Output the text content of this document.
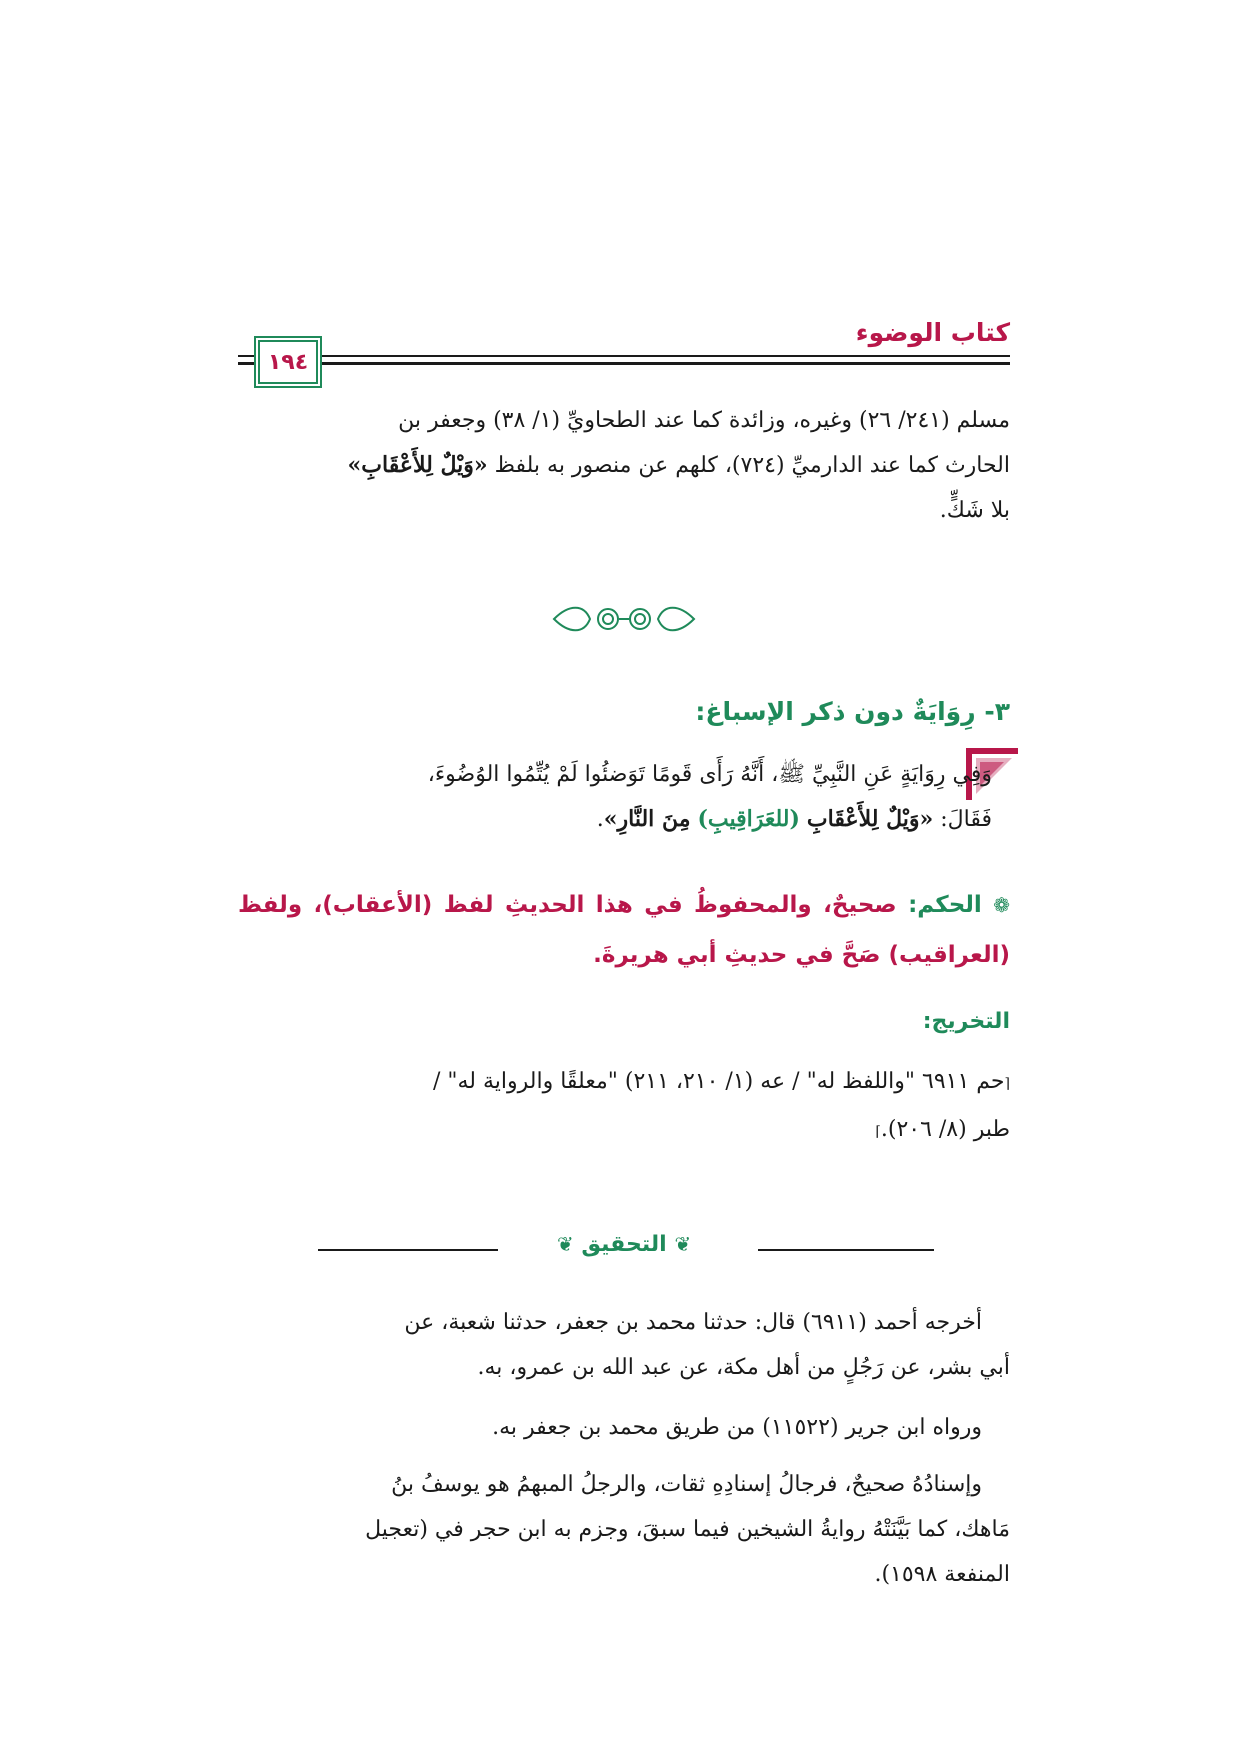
كتاب الوضوء
١٩٤
مسلم (٢٤١/ ٢٦) وغيره، وزائدة كما عند الطحاويِّ (١/ ٣٨) وجعفر بن
الحارث كما عند الدارميِّ (٧٢٤)، كلهم عن منصور به بلفظ «وَيْلٌ لِلأَعْقَابِ»
بلا شَكٍّ.
٣- رِوَايَةٌ دون ذكر الإسباغ:
وَفِي رِوَايَةٍ عَنِ النَّبِيِّ ﷺ، أَنَّهُ رَأَى قَومًا تَوَضئُوا لَمْ يُتِّمُوا الوُضُوءَ،
فَقَالَ: «وَيْلٌ لِلأَعْقَابِ (للعَرَاقِيبِ) مِنَ النَّارِ».
❁ الحكم: صحيحٌ، والمحفوظُ في هذا الحديثِ لفظ (الأعقاب)، ولفظ (العراقيب) صَحَّ في حديثِ أبي هريرةَ.
التخريج:
⌈حم ٦٩١١ "واللفظ له" / عه (١/ ٢١٠، ٢١١) "معلقًا والرواية له" /
طبر (٨/ ٢٠٦).⌉
❦ التحقيق ❦
أخرجه أحمد (٦٩١١) قال: حدثنا محمد بن جعفر، حدثنا شعبة، عن
أبي بشر، عن رَجُلٍ من أهل مكة، عن عبد الله بن عمرو، به.
ورواه ابن جرير (١١٥٢٢) من طريق محمد بن جعفر به.
وإسنادُهُ صحيحٌ، فرجالُ إسنادِهِ ثقات، والرجلُ المبهمُ هو يوسفُ بنُ
مَاهك، كما بَيَّنَتْهُ روايةُ الشيخين فيما سبقَ، وجزم به ابن حجر في (تعجيل
المنفعة ١٥٩٨).
